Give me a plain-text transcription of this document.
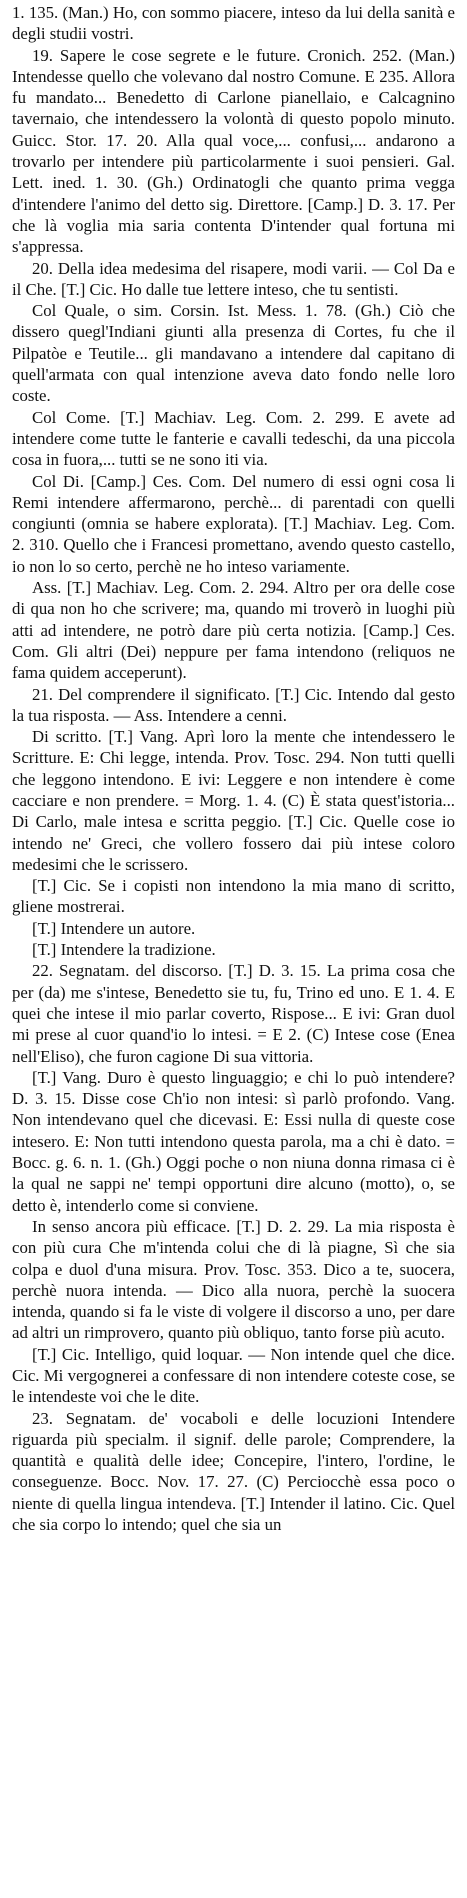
1. 135. (Man.) Ho, con sommo piacere, inteso da lui della sanità e degli studii vostri.

19. Sapere le cose segrete e le future. Cronich. 252. (Man.) Intendesse quello che volevano dal nostro Comune. E 235. Allora fu mandato... Benedetto di Carlone pianellaio, e Calcagnino tavernaio, che intendessero la volontà di questo popolo minuto. Guicc. Stor. 17. 20. Alla qual voce,... confusi,... andarono a trovarlo per intendere più particolarmente i suoi pensieri. Gal. Lett. ined. 1. 30. (Gh.) Ordinatogli che quanto prima vegga d'intendere l'animo del detto sig. Direttore. [Camp.] D. 3. 17. Per che là voglia mia saria contenta D'intender qual fortuna mi s'appressa.

20. Della idea medesima del risapere, modi varii. — Col Da e il Che. [T.] Cic. Ho dalle tue lettere inteso, che tu sentisti.

Col Quale, o sim. Corsin. Ist. Mess. 1. 78. (Gh.) Ciò che dissero quegl'Indiani giunti alla presenza di Cortes, fu che il Pilpatòe e Teutile... gli mandavano a intendere dal capitano di quell'armata con qual intenzione aveva dato fondo nelle loro coste.

Col Come. [T.] Machiav. Leg. Com. 2. 299. E avete ad intendere come tutte le fanterie e cavalli tedeschi, da una piccola cosa in fuora,... tutti se ne sono iti via.

Col Di. [Camp.] Ces. Com. Del numero di essi ogni cosa li Remi intendere affermarono, perchè... di parentadi con quelli congiunti (omnia se habere explorata). [T.] Machiav. Leg. Com. 2. 310. Quello che i Francesi promettano, avendo questo castello, io non lo so certo, perchè ne ho inteso variamente.

Ass. [T.] Machiav. Leg. Com. 2. 294. Altro per ora delle cose di qua non ho che scrivere; ma, quando mi troverò in luoghi più atti ad intendere, ne potrò dare più certa notizia. [Camp.] Ces. Com. Gli altri (Dei) neppure per fama intendono (reliquos ne fama quidem acceperunt).

21. Del comprendere il significato. [T.] Cic. Intendo dal gesto la tua risposta. — Ass. Intendere a cenni.

Di scritto. [T.] Vang. Aprì loro la mente che intendessero le Scritture. E: Chi legge, intenda. Prov. Tosc. 294. Non tutti quelli che leggono intendono. E ivi: Leggere e non intendere è come cacciare e non prendere. = Morg. 1. 4. (C) È stata quest'istoria... Di Carlo, male intesa e scritta peggio. [T.] Cic. Quelle cose io intendo ne' Greci, che vollero fossero dai più intese coloro medesimi che le scrissero.

[T.] Cic. Se i copisti non intendono la mia mano di scritto, gliene mostrerai.

[T.] Intendere un autore.

[T.] Intendere la tradizione.

22. Segnatam. del discorso. [T.] D. 3. 15. La prima cosa che per (da) me s'intese, Benedetto sie tu, fu, Trino ed uno. E 1. 4. E quei che intese il mio parlar coverto, Rispose... E ivi: Gran duol mi prese al cuor quand'io lo intesi. = E 2. (C) Intese cose (Enea nell'Eliso), che furon cagione Di sua vittoria.

[T.] Vang. Duro è questo linguaggio; e chi lo può intendere? D. 3. 15. Disse cose Ch'io non intesi: sì parlò profondo. Vang. Non intendevano quel che dicevasi. E: Essi nulla di queste cose intesero. E: Non tutti intendono questa parola, ma a chi è dato. = Bocc. g. 6. n. 1. (Gh.) Oggi poche o non niuna donna rimasa ci è la qual ne sappi ne' tempi opportuni dire alcuno (motto), o, se detto è, intenderlo come si conviene.

In senso ancora più efficace. [T.] D. 2. 29. La mia risposta è con più cura Che m'intenda colui che di là piagne, Sì che sia colpa e duol d'una misura. Prov. Tosc. 353. Dico a te, suocera, perchè nuora intenda. — Dico alla nuora, perchè la suocera intenda, quando si fa le viste di volgere il discorso a uno, per dare ad altri un rimprovero, quanto più obliquo, tanto forse più acuto.

[T.] Cic. Intelligo, quid loquar. — Non intende quel che dice. Cic. Mi vergognerei a confessare di non intendere coteste cose, se le intendeste voi che le dite.

23. Segnatam. de' vocaboli e delle locuzioni Intendere riguarda più specialm. il signif. delle parole; Comprendere, la quantità e qualità delle idee; Concepire, l'intero, l'ordine, le conseguenze. Bocc. Nov. 17. 27. (C) Perciocchè essa poco o niente di quella lingua intendeva. [T.] Intender il latino. Cic. Quel che sia corpo lo intendo; quel che sia un
